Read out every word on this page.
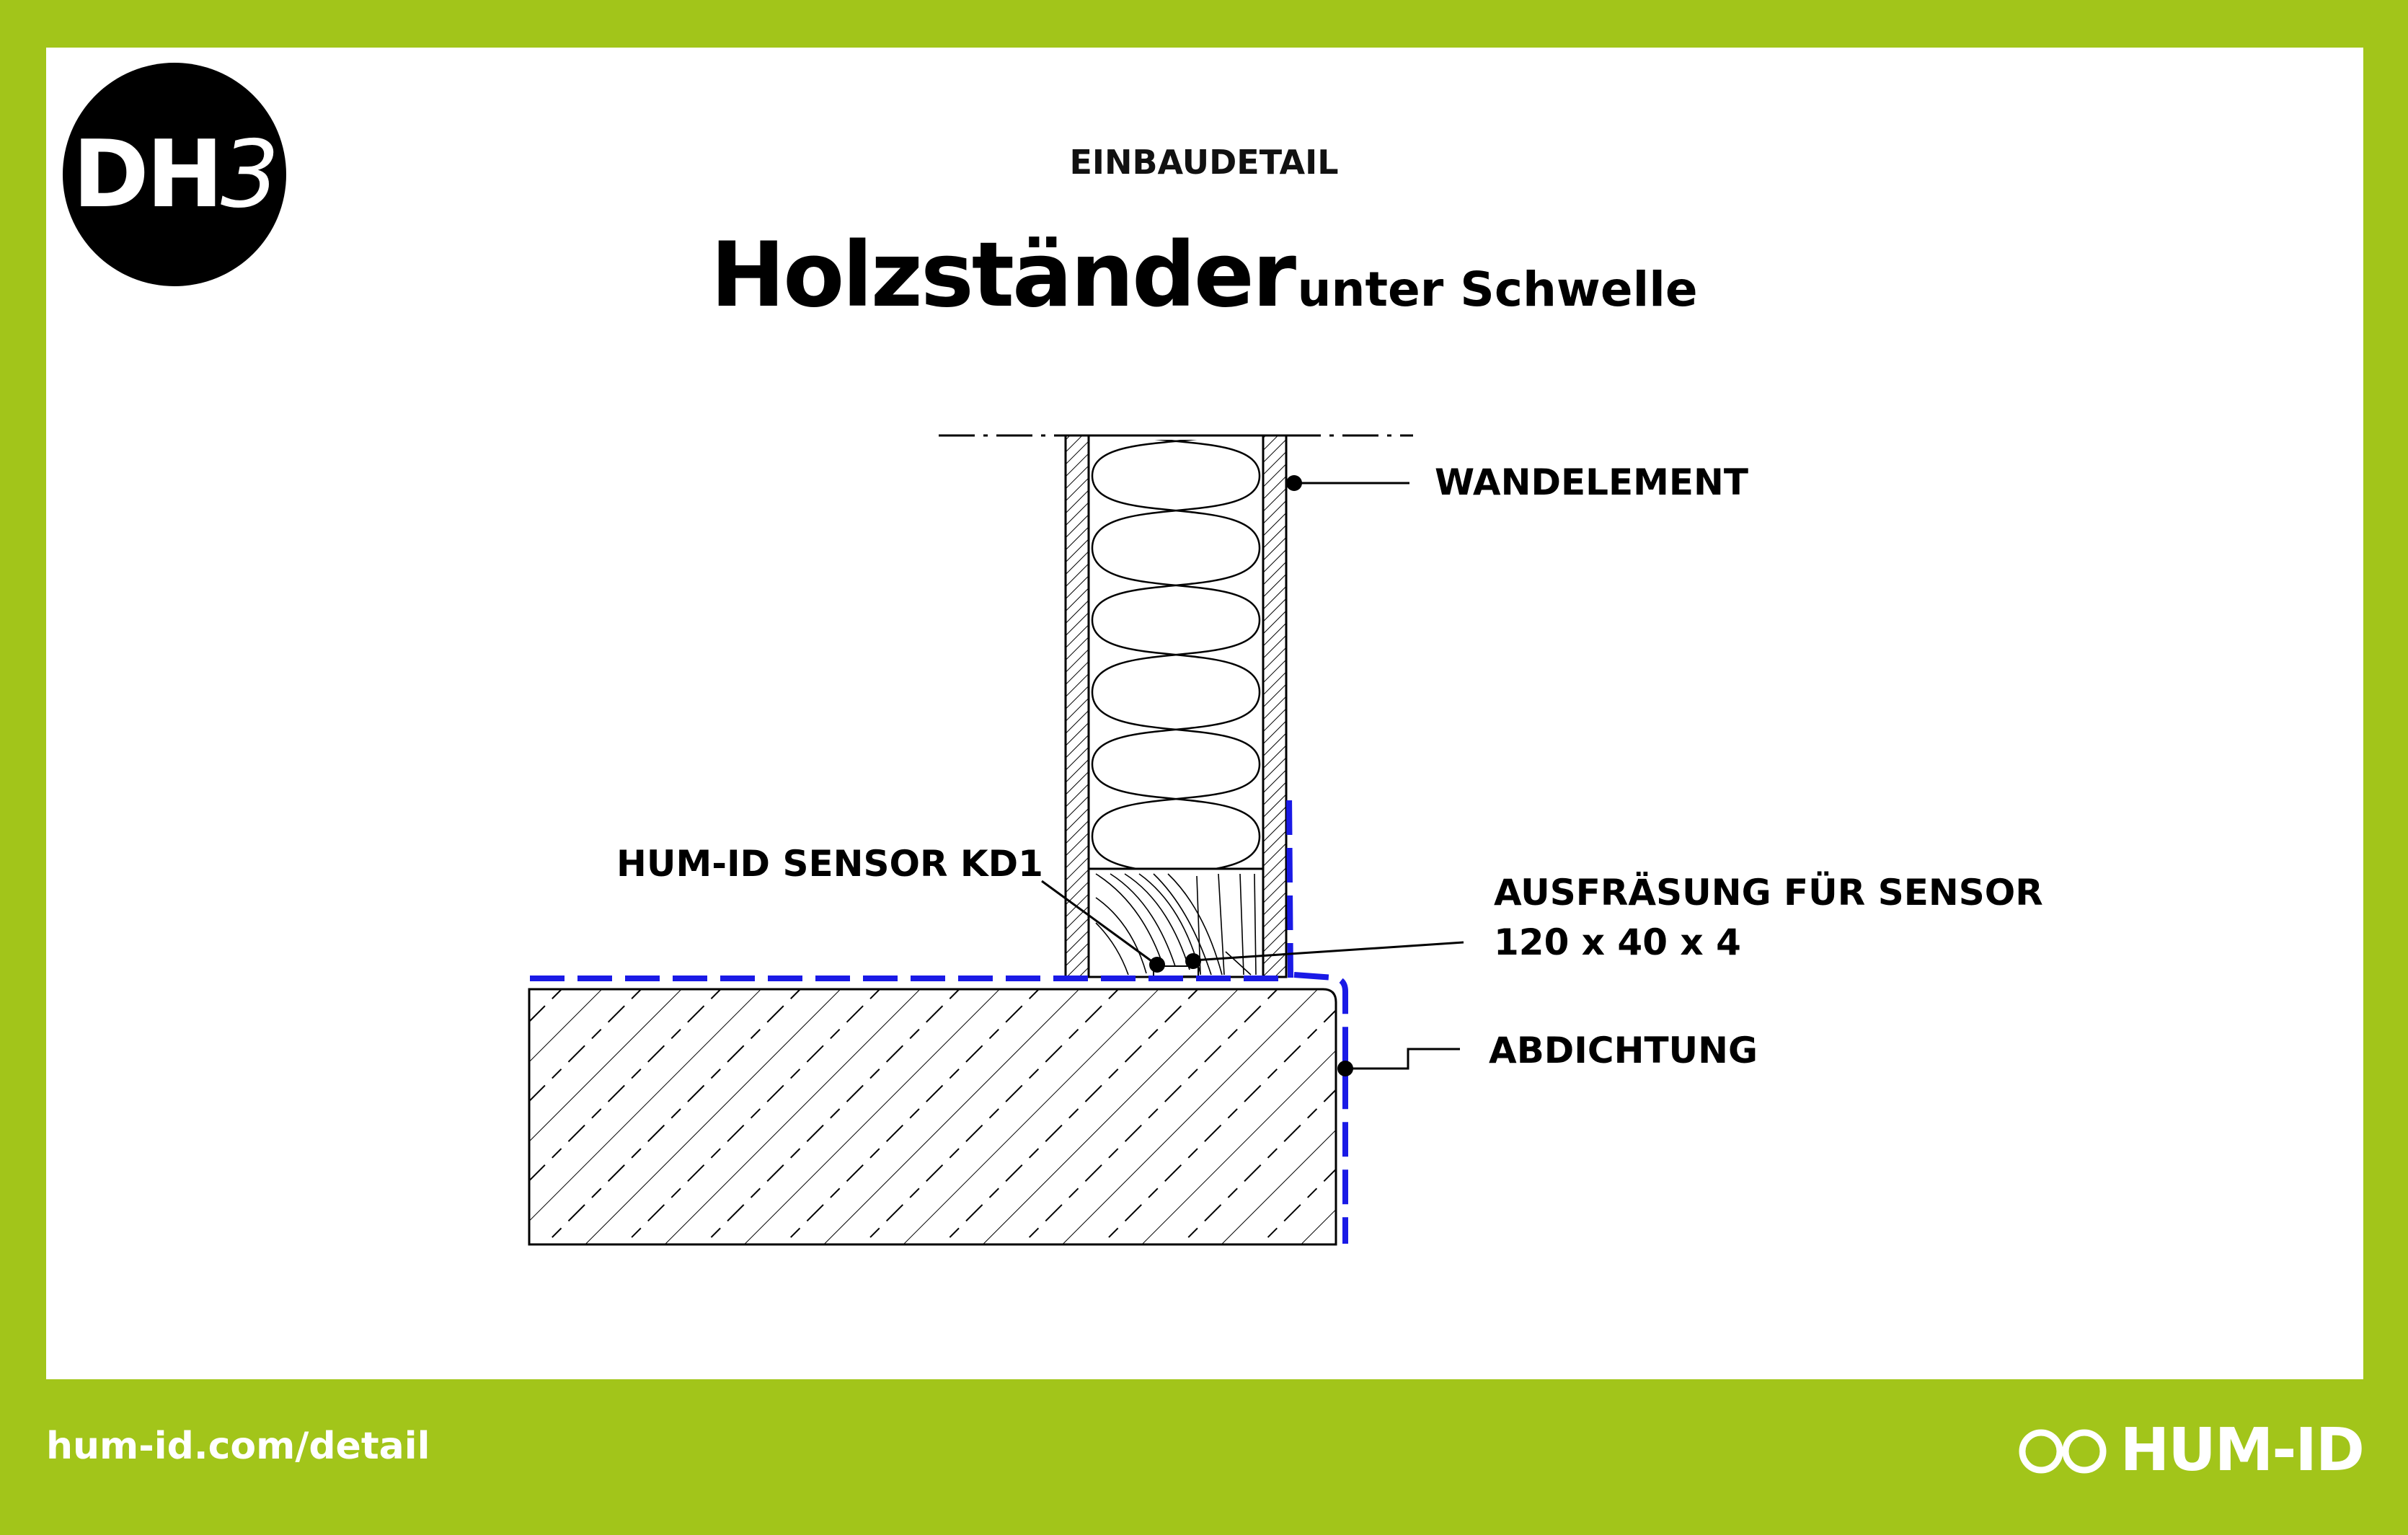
DH 3	EINBAUDETAIL
Holzständer unter Schwelle
WANDELEMENT
HUM-ID SENSOR KD1
AUSFRÄSUNG FÜR SENSOR
120 x 40 x 4
ABDICHTUNG
hum-id.com/detail	HUM-ID
